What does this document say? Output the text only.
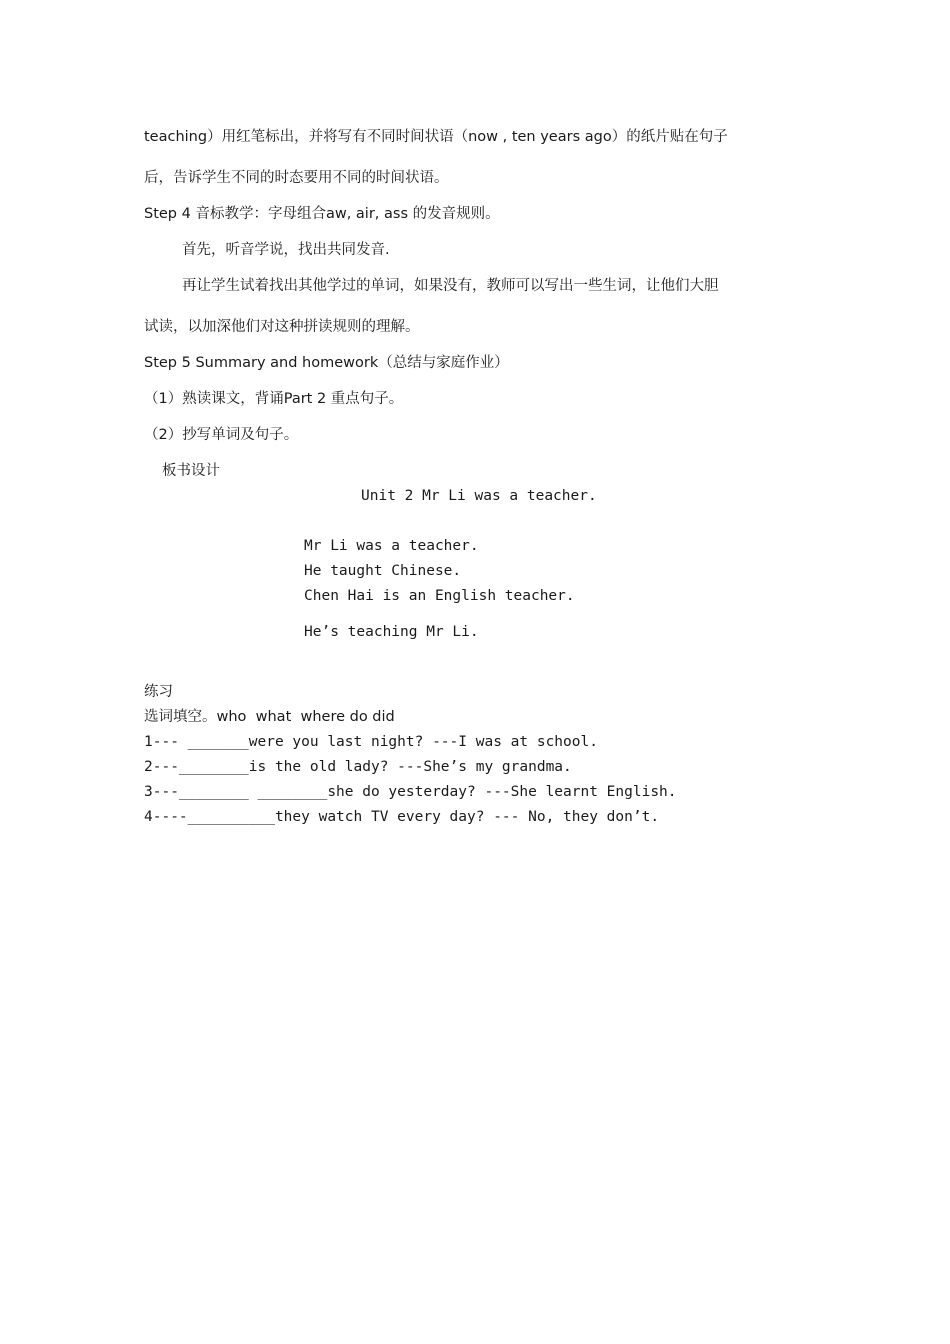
teaching）用红笔标出，并将写有不同时间状语（now , ten years ago）的纸片贴在句子
后，告诉学生不同的时态要用不同的时间状语。
Step 4 音标教学：字母组合aw, air, ass 的发音规则。
首先，听音学说，找出共同发音.
再让学生试着找出其他学过的单词，如果没有，教师可以写出一些生词，让他们大胆
试读，以加深他们对这种拼读规则的理解。
Step 5 Summary and homework（总结与家庭作业）
（1）熟读课文，背诵Part 2 重点句子。
（2）抄写单词及句子。
板书设计
Unit 2 Mr Li was a teacher.
Mr Li was a teacher.
He taught Chinese.
Chen Hai is an English teacher.
He’s teaching Mr Li.
练习
选词填空。who  what  where do did
1--- _______were you last night? ---I was at school.
2---________is the old lady? ---She’s my grandma.
3---________ ________she do yesterday? ---She learnt English.
4----__________they watch TV every day? --- No, they don’t.
